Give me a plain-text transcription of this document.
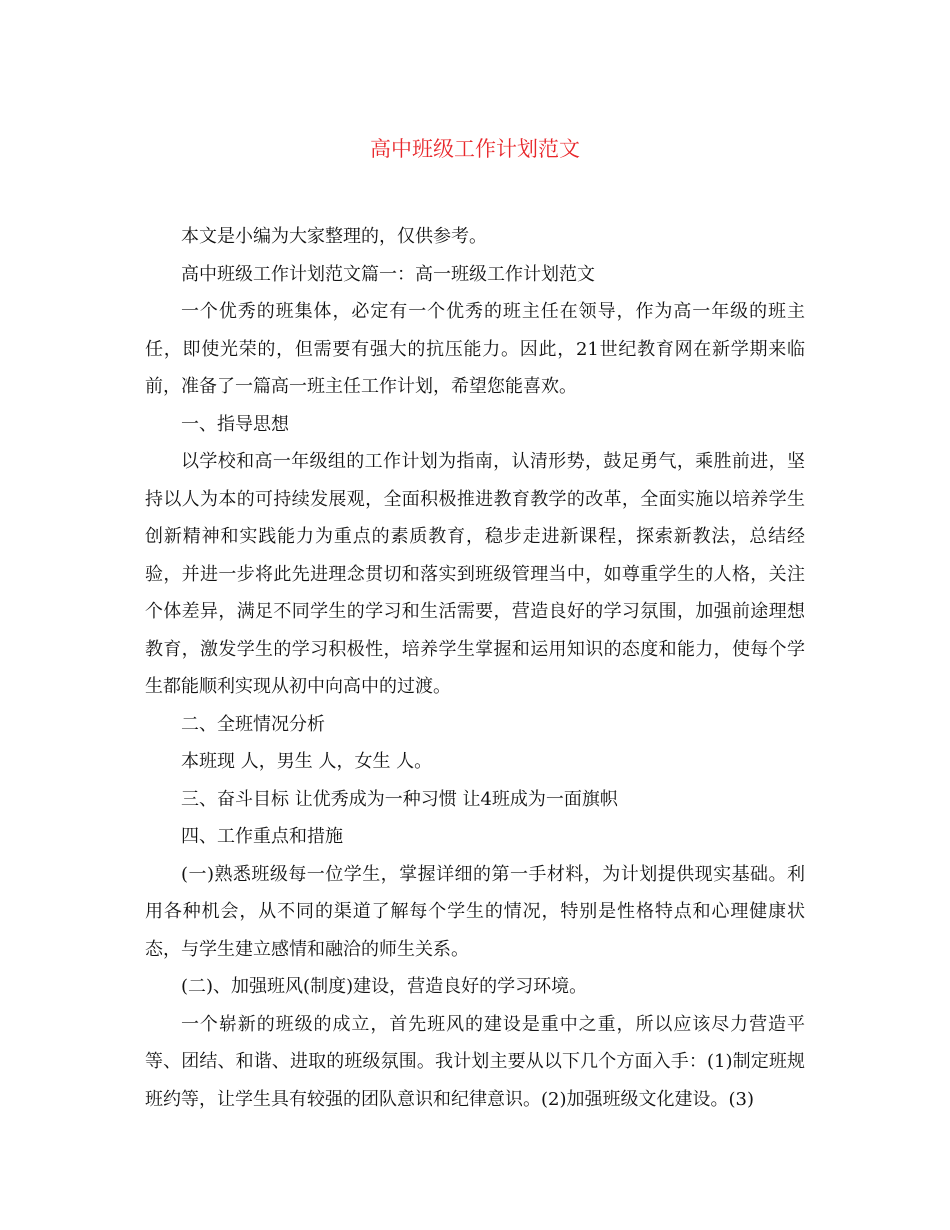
高中班级工作计划范文

本文是小编为大家整理的，仅供参考。

高中班级工作计划范文篇一：高一班级工作计划范文

一个优秀的班集体，必定有一个优秀的班主任在领导，作为高一年级的班主任，即使光荣的，但需要有强大的抗压能力。因此，21世纪教育网在新学期来临前，准备了一篇高一班主任工作计划，希望您能喜欢。

一、指导思想

以学校和高一年级组的工作计划为指南，认清形势，鼓足勇气，乘胜前进，坚持以人为本的可持续发展观，全面积极推进教育教学的改革，全面实施以培养学生创新精神和实践能力为重点的素质教育，稳步走进新课程，探索新教法，总结经验，并进一步将此先进理念贯切和落实到班级管理当中，如尊重学生的人格，关注个体差异，满足不同学生的学习和生活需要，营造良好的学习氛围，加强前途理想教育，激发学生的学习积极性，培养学生掌握和运用知识的态度和能力，使每个学生都能顺利实现从初中向高中的过渡。

二、全班情况分析

本班现 人，男生 人，女生 人。

三、奋斗目标 让优秀成为一种习惯 让4班成为一面旗帜

四、工作重点和措施

(一)熟悉班级每一位学生，掌握详细的第一手材料，为计划提供现实基础。利用各种机会，从不同的渠道了解每个学生的情况，特别是性格特点和心理健康状态，与学生建立感情和融洽的师生关系。

(二)、加强班风(制度)建设，营造良好的学习环境。

一个崭新的班级的成立，首先班风的建设是重中之重，所以应该尽力营造平等、团结、和谐、进取的班级氛围。我计划主要从以下几个方面入手：(1)制定班规班约等，让学生具有较强的团队意识和纪律意识。(2)加强班级文化建设。(3)
